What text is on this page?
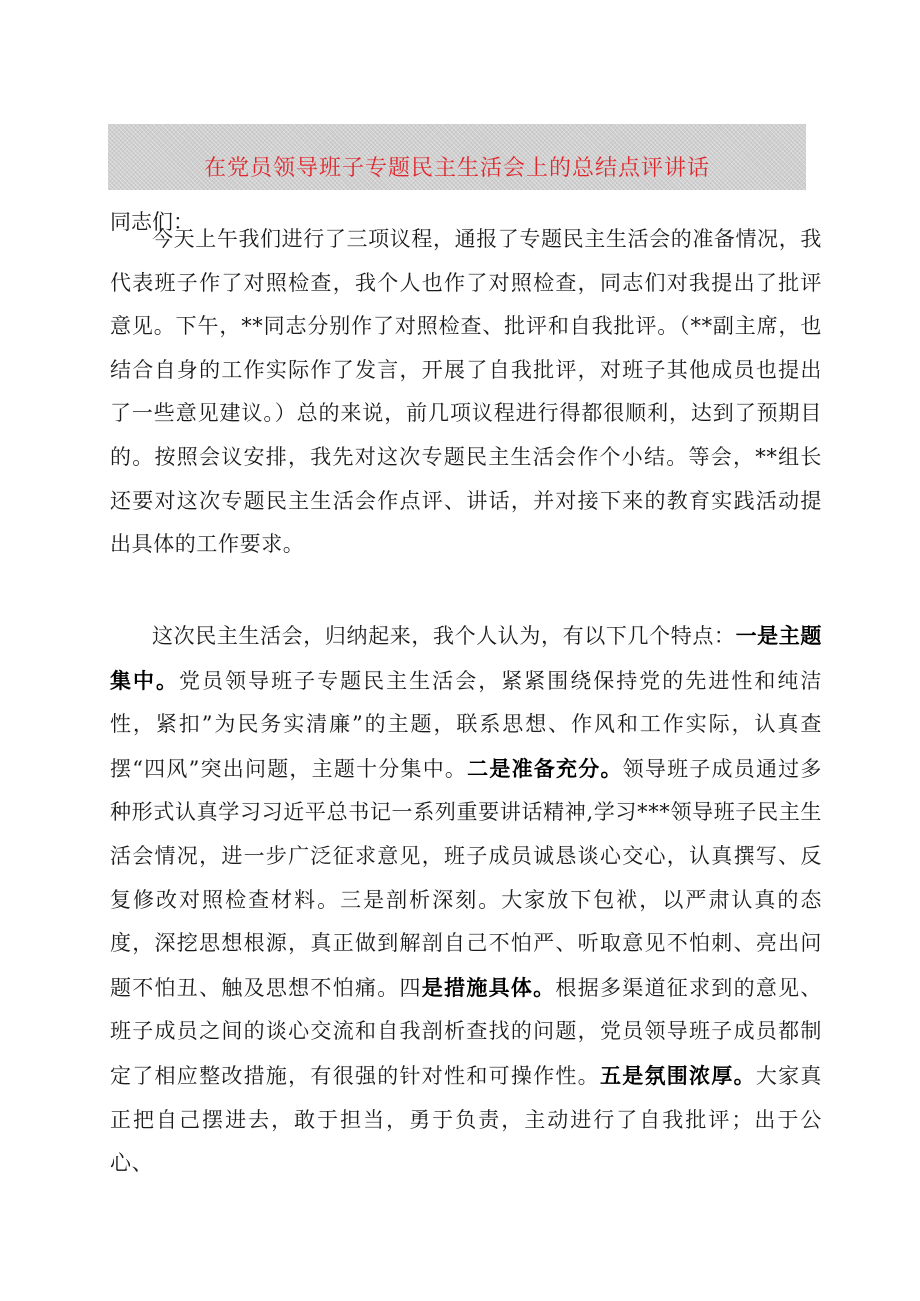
在党员领导班子专题民主生活会上的总结点评讲话
同志们：

今天上午我们进行了三项议程，通报了专题民主生活会的准备情况，我代表班子作了对照检查，我个人也作了对照检查，同志们对我提出了批评意见。下午，**同志分别作了对照检查、批评和自我批评。（**副主席，也结合自身的工作实际作了发言，开展了自我批评，对班子其他成员也提出了一些意见建议。）总的来说，前几项议程进行得都很顺利，达到了预期目的。按照会议安排，我先对这次专题民主生活会作个小结。等会，**组长还要对这次专题民主生活会作点评、讲话，并对接下来的教育实践活动提出具体的工作要求。

这次民主生活会，归纳起来，我个人认为，有以下几个特点：一是主题集中。党员领导班子专题民主生活会，紧紧围绕保持党的先进性和纯洁性，紧扣”为民务实清廉”的主题，联系思想、作风和工作实际，认真查摆“四风”突出问题，主题十分集中。二是准备充分。领导班子成员通过多种形式认真学习习近平总书记一系列重要讲话精神,学习***领导班子民主生活会情况，进一步广泛征求意见，班子成员诚恳谈心交心，认真撰写、反复修改对照检查材料。三是剖析深刻。大家放下包袱，以严肃认真的态度，深挖思想根源，真正做到解剖自己不怕严、听取意见不怕刺、亮出问题不怕丑、触及思想不怕痛。四是措施具体。根据多渠道征求到的意见、班子成员之间的谈心交流和自我剖析查找的问题，党员领导班子成员都制定了相应整改措施，有很强的针对性和可操作性。五是氛围浓厚。大家真正把自己摆进去，敢于担当，勇于负责，主动进行了自我批评；出于公心、
